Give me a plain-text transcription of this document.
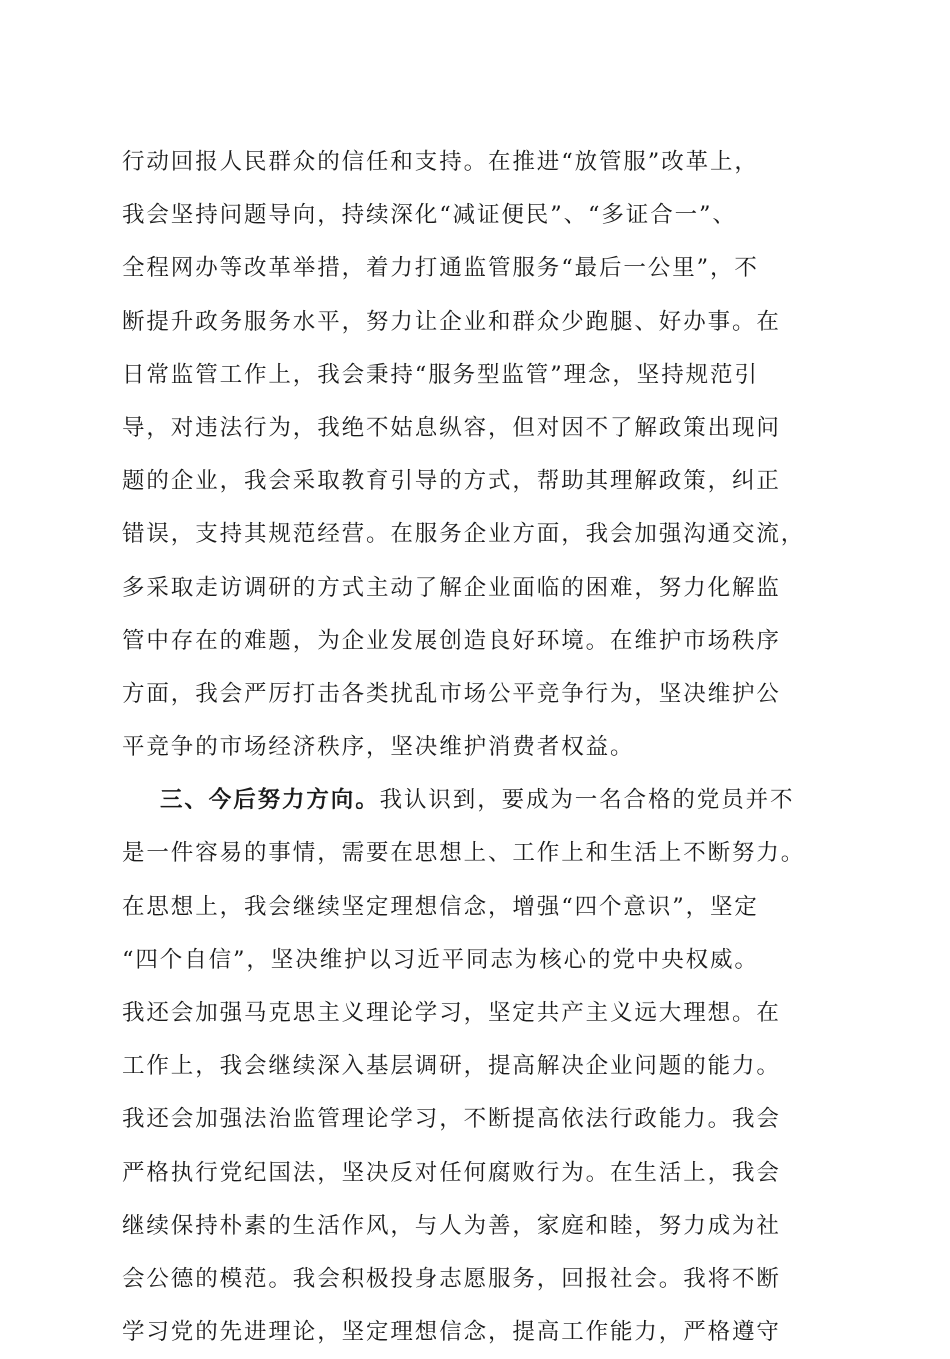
行动回报人民群众的信任和支持。在推进“放管服”改革上，
我会坚持问题导向，持续深化“减证便民”、“多证合一”、
全程网办等改革举措，着力打通监管服务“最后一公里”，不
断提升政务服务水平，努力让企业和群众少跑腿、好办事。在
日常监管工作上，我会秉持“服务型监管”理念，坚持规范引
导，对违法行为，我绝不姑息纵容，但对因不了解政策出现问
题的企业，我会采取教育引导的方式，帮助其理解政策，纠正
错误，支持其规范经营。在服务企业方面，我会加强沟通交流，
多采取走访调研的方式主动了解企业面临的困难，努力化解监
管中存在的难题，为企业发展创造良好环境。在维护市场秩序
方面，我会严厉打击各类扰乱市场公平竞争行为，坚决维护公
平竞争的市场经济秩序，坚决维护消费者权益。
三、今后努力方向。我认识到，要成为一名合格的党员并不
是一件容易的事情，需要在思想上、工作上和生活上不断努力。
在思想上，我会继续坚定理想信念，增强“四个意识”，坚定
“四个自信”，坚决维护以习近平同志为核心的党中央权威。
我还会加强马克思主义理论学习，坚定共产主义远大理想。在
工作上，我会继续深入基层调研，提高解决企业问题的能力。
我还会加强法治监管理论学习，不断提高依法行政能力。我会
严格执行党纪国法，坚决反对任何腐败行为。在生活上，我会
继续保持朴素的生活作风，与人为善，家庭和睦，努力成为社
会公德的模范。我会积极投身志愿服务，回报社会。我将不断
学习党的先进理论，坚定理想信念，提高工作能力，严格遵守
